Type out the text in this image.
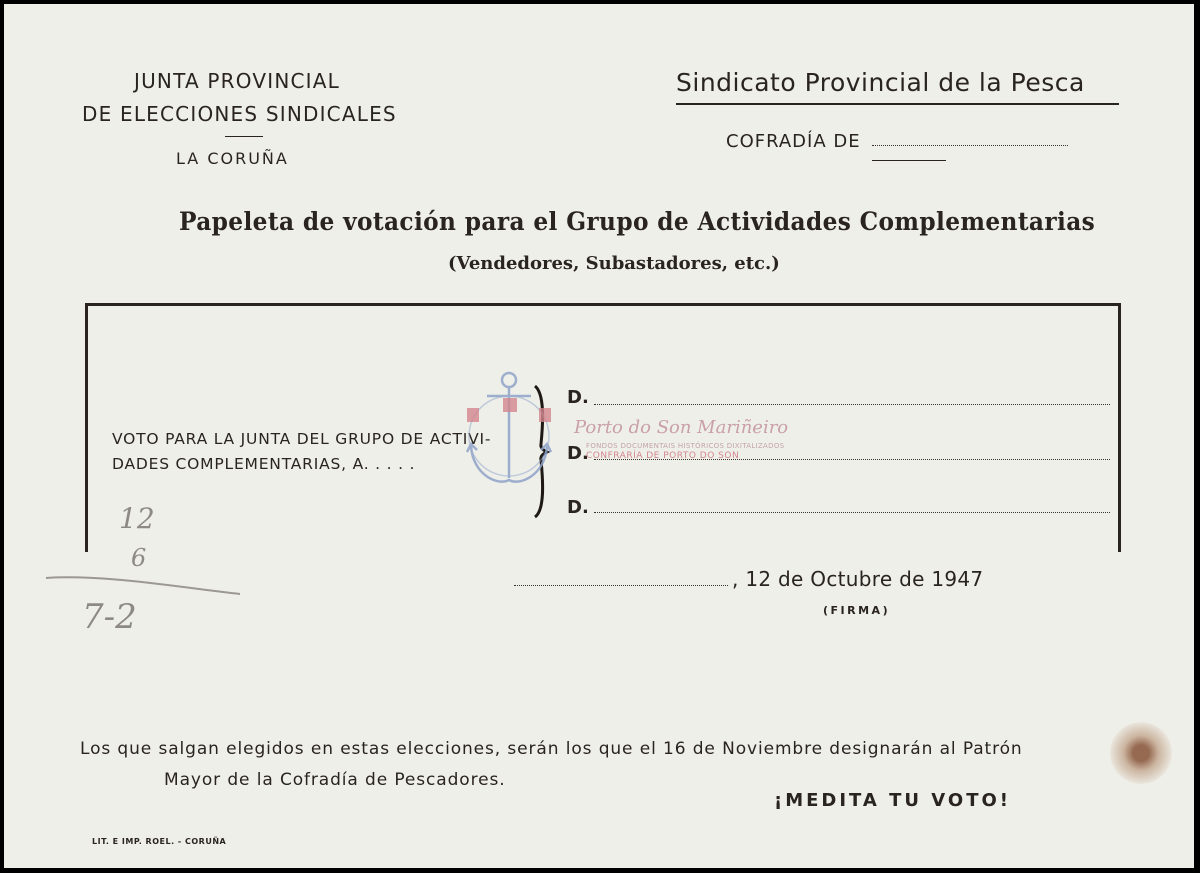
JUNTA PROVINCIAL
DE ELECCIONES SINDICALES
LA CORUÑA
Sindicato Provincial de la Pesca
COFRADÍA DE
Papeleta de votación para el Grupo de Actividades Complementarias
(Vendedores, Subastadores, etc.)
VOTO PARA LA JUNTA DEL GRUPO DE ACTIVI-
DADES COMPLEMENTARIAS, A. . . . .
D.
D.
D.
Porto do Son Mariñeiro
FONDOS DOCUMENTAIS HISTÓRICOS DIXITALIZADOS
CONFRARÍA DE PORTO DO SON
, 12 de Octubre de 1947
(FIRMA)
12
6
7-2
Los que salgan elegidos en estas elecciones, serán los que el 16 de Noviembre designarán al Patrón
Mayor de la Cofradía de Pescadores.
¡MEDITA TU VOTO!
LIT. E IMP. ROEL. - CORUÑA
